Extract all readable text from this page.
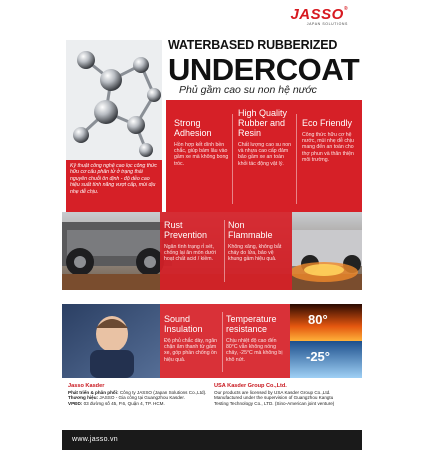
JASSO®
JAPAN SOLUTIONS
WATERBASED RUBBERIZED
UNDERCOAT
Phủ gầm cao su non hệ nước
Strong Adhesion

Hồn hợp kết dính bền chắc, giúp bám lâu vào gầm xe mà không bong tróc.

High Quality Rubber and Resin

Chất lượng cao su non và nhựa cao cấp đảm bảo gầm xe an toàn khỏi tác động vật lý.

Eco Friendly

Công thức hữu cơ hệ nước, mùi nhẹ dễ chịu mang đến an toàn cho thợ phun và thân thiện môi trường.

Kỹ thuật công nghệ cao lọc công thức hữu cơ cấu phân tử ở trạng thái nguyên chuỗi ôn định - độ dẻo cao hiệu suất tính năng vượt cấp, mùi dịu nhẹ dễ chịu.
Rust Prevention

Ngăn tình trạng rỉ sét, chống lại ăn mòn dưới hoạt chất acid / kiềm.

Non Flammable

Không xăng, không bắt cháy do lửa, bảo vệ khung gầm hiệu quả.

Sound Insulation

Độ phủ chắc dày, ngăn chặn âm thanh từ gầm xe, góp phần chống ồn hiệu quả.

Temperature resistance

Chịu nhiệt độ cao đến 80°C vẫn không nóng chảy, -25°C mà không bị khô nứt.

80°
-25°
Jasso Kasder
Phát triển & phân phối: Công ty JASSO (Japan Solutions Co.,Ltd).
Thương hiệu: JASSO - Gia công tại Guangzhou Kasder.
VPĐD: 03 đường số 45, P.6, Quận 4, TP. HCM.
USA Kasder Group Co.,Ltd.
Our products are licensed by USA Kasder Group Co.,Ltd.
Manufactured under the supervision of Guangzhou Kangtu
Testing Technology Co., LTD. (Sino-American joint venture)
www.jasso.vn
